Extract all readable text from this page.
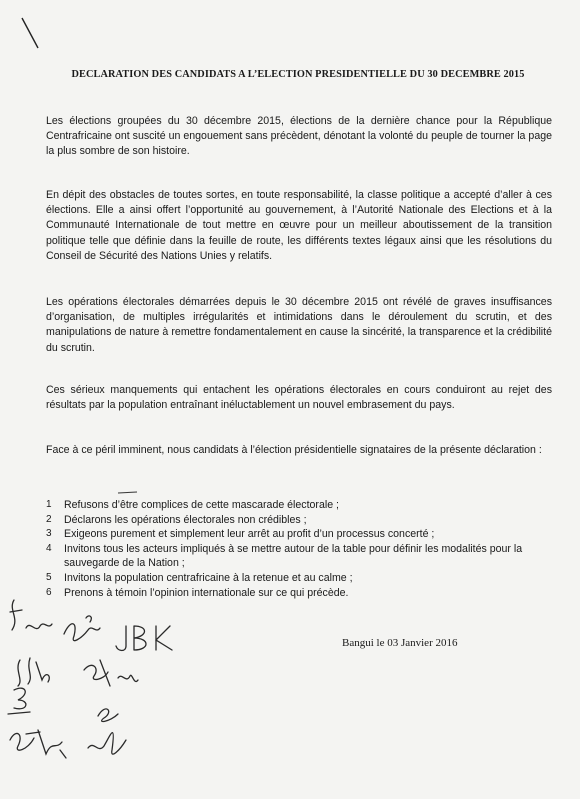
DECLARATION DES CANDIDATS A L’ELECTION PRESIDENTIELLE DU 30 DECEMBRE 2015

Les élections groupées du 30 décembre 2015, élections de la dernière chance pour la République Centrafricaine ont suscité un engouement sans précèdent, dénotant la volonté du peuple de tourner la page la plus sombre de son histoire.

En dépit des obstacles de toutes sortes, en toute responsabilité, la classe politique a accepté d’aller à ces élections. Elle a ainsi offert l’opportunité au gouvernement, à l’Autorité Nationale des Elections et à la Communauté Internationale de tout mettre en œuvre pour un meilleur aboutissement de la transition politique telle que définie dans la feuille de route, les différents textes légaux ainsi que les résolutions du Conseil de Sécurité des Nations Unies y relatifs.

Les opérations électorales démarrées depuis le 30 décembre 2015 ont révélé de graves insuffisances d’organisation, de multiples irrégularités et intimidations dans le déroulement du scrutin, et des manipulations de nature à remettre fondamentalement en cause la sincérité, la transparence et la crédibilité du scrutin.

Ces sérieux manquements qui entachent les opérations électorales en cours conduiront au rejet des résultats par la population entraînant inéluctablement un nouvel embrasement du pays.

Face à ce péril imminent, nous candidats à l’élection présidentielle signataires de la présente déclaration :

1	Refusons d’être complices de cette mascarade électorale ;
2	Déclarons les opérations électorales non crédibles ;
3	Exigeons purement et simplement leur arrêt au profit d’un processus concerté ;
4	Invitons tous les acteurs impliqués à se mettre autour de la table pour définir les modalités pour la sauvegarde de la Nation ;
5	Invitons la population centrafricaine à la retenue et au calme ;
6	Prenons à témoin l’opinion internationale sur ce qui précède.
Bangui le 03 Janvier 2016
